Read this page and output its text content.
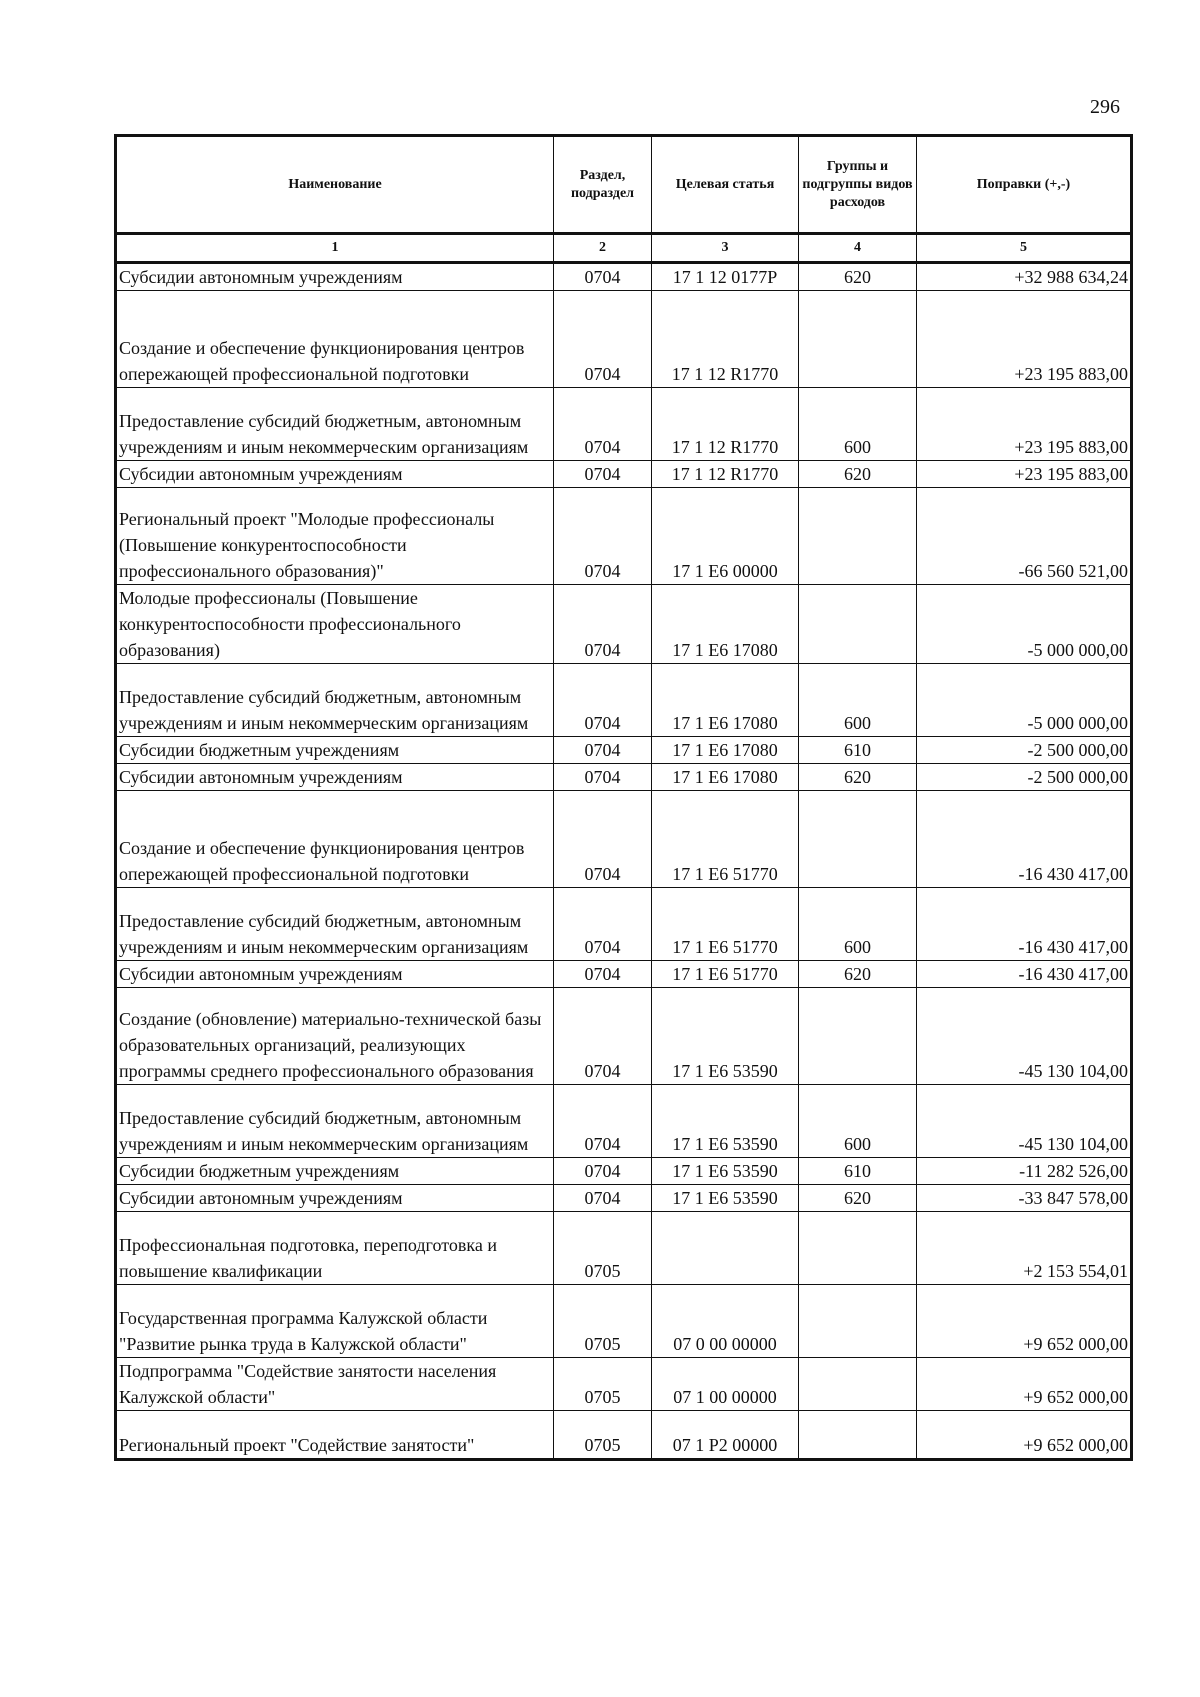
296
Наименование	Раздел, подраздел	Целевая статья	Группы и подгруппы видов расходов	Поправки (+,-)
1	2	3	4	5
Субсидии автономным учреждениям	0704	17 1 12 0177P	620	+32 988 634,24
Создание и обеспечение функционирования центров опережающей профессиональной подготовки	0704	17 1 12 R1770		+23 195 883,00
Предоставление субсидий бюджетным, автономным учреждениям и иным некоммерческим организациям	0704	17 1 12 R1770	600	+23 195 883,00
Субсидии автономным учреждениям	0704	17 1 12 R1770	620	+23 195 883,00
Региональный проект "Молодые профессионалы (Повышение конкурентоспособности профессионального образования)"	0704	17 1 E6 00000		-66 560 521,00
Молодые профессионалы (Повышение конкурентоспособности профессионального образования)	0704	17 1 E6 17080		-5 000 000,00
Предоставление субсидий бюджетным, автономным учреждениям и иным некоммерческим организациям	0704	17 1 E6 17080	600	-5 000 000,00
Субсидии бюджетным учреждениям	0704	17 1 E6 17080	610	-2 500 000,00
Субсидии автономным учреждениям	0704	17 1 E6 17080	620	-2 500 000,00
Создание и обеспечение функционирования центров опережающей профессиональной подготовки	0704	17 1 E6 51770		-16 430 417,00
Предоставление субсидий бюджетным, автономным учреждениям и иным некоммерческим организациям	0704	17 1 E6 51770	600	-16 430 417,00
Субсидии автономным учреждениям	0704	17 1 E6 51770	620	-16 430 417,00
Создание (обновление) материально-технической базы образовательных организаций, реализующих программы среднего профессионального образования	0704	17 1 E6 53590		-45 130 104,00
Предоставление субсидий бюджетным, автономным учреждениям и иным некоммерческим организациям	0704	17 1 E6 53590	600	-45 130 104,00
Субсидии бюджетным учреждениям	0704	17 1 E6 53590	610	-11 282 526,00
Субсидии автономным учреждениям	0704	17 1 E6 53590	620	-33 847 578,00
Профессиональная подготовка, переподготовка и повышение квалификации	0705			+2 153 554,01
Государственная программа Калужской области "Развитие рынка труда в Калужской области"	0705	07 0 00 00000		+9 652 000,00
Подпрограмма "Содействие занятости населения Калужской области"	0705	07 1 00 00000		+9 652 000,00
Региональный проект "Содействие занятости"	0705	07 1 P2 00000		+9 652 000,00
